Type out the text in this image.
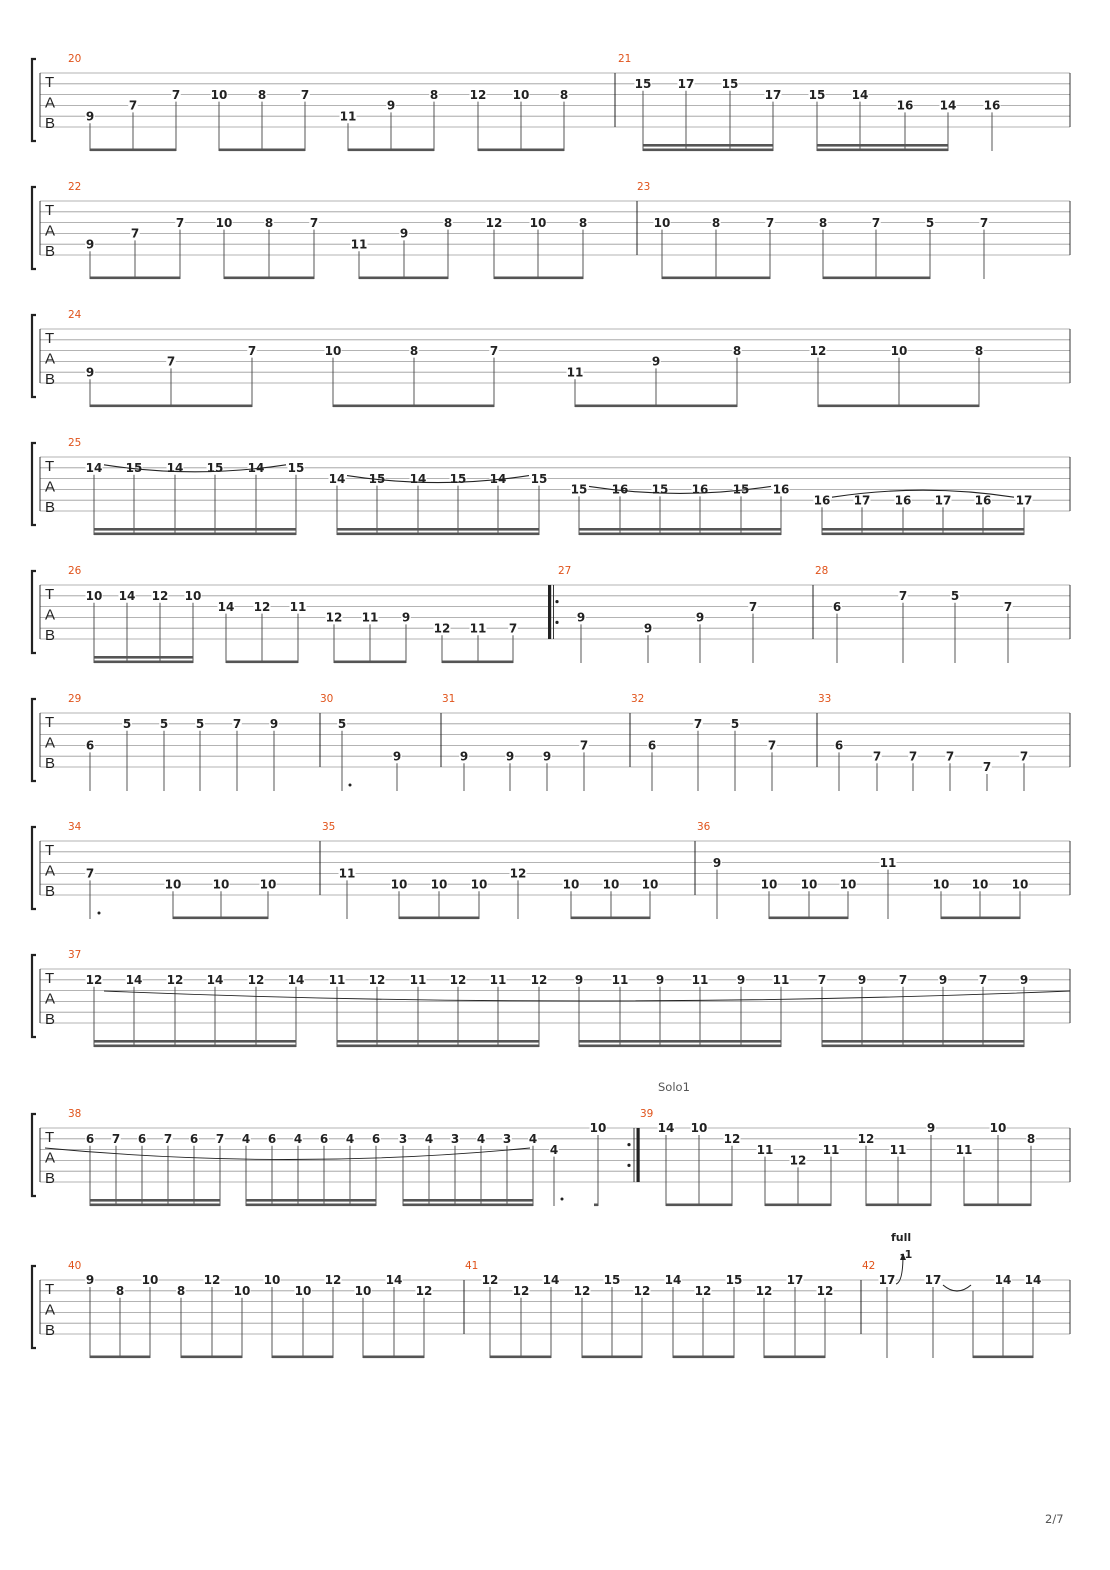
T
A
B
20
9
7
7	10	8	7
11
9
8	12 10	8
21
15 17 15
17 15 14
16 14 16
T
A
B
22
9
7
7	10	8	7
11
9
8	12 10	8
23
10	8	7	8	7	5	7
T
A
B
24
9
7
7	10	8	7
11
9
8	12	10	8
T
A
B
25
14 15 14 15 14 15
14 15 14 15 14 15
15 16 15 16 15 16
16 17 16 17 16 17
T
A
B
26
10 14 12 10
14 12 11
12 11 9
12 11 7
27
9
9
9
7
28
6
7	5
7
T
A
B
29
6
5 5 5 7 9
30
5
9
31
9	9 9
7
32
6
7 5
7
33
6
7 7 7
7
7
T
A
B
34
7
10	10	10
35
11
10 10 10
12
10 10 10
36
9
10 10 10
11
10 10 10
T
A
B
37
12 14 12 14 12 14 11 12 11 12 11 12 9 11 9 11 9 11 7	9	7	9	7	9
T
A
B
38
6 7 6 7 6 7 4 6 4 6 4 6 3 4 3 4 3 4
4
10
39
14 10
12
11
12
11
12
11
9
11
10
8
T
A
B
40
9
8
10
8
12
10
10
10
12
10
14
12
41
12
12
14
12
15
12
14
12
15
12
17
12
42
17 17	14 14
full
-1
Solo1
2/7
